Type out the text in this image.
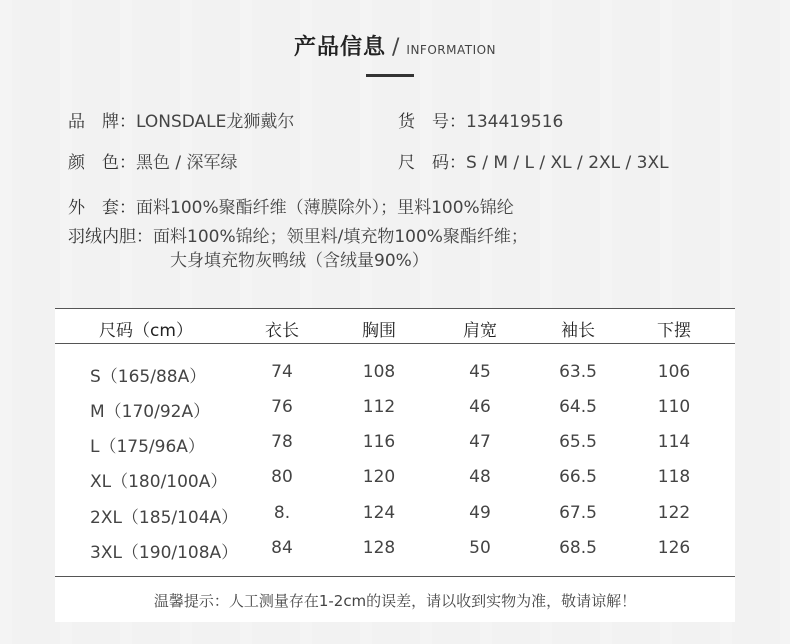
产品信息 / INFORMATION
品　牌：LONSDALE龙狮戴尔	货　号：134419516
颜　色：黑色 / 深军绿	尺　码：S / M / L / XL / 2XL / 3XL
外　套：面料100%聚酯纤维（薄膜除外）；里料100%锦纶
羽绒内胆：面料100%锦纶；领里料/填充物100%聚酯纤维；
大身填充物灰鸭绒（含绒量90%）
尺码（cm）	衣长	胸围	肩宽	袖长	下摆
S（165/88A）	74	108	45	63.5	106
M（170/92A）	76	112	46	64.5	110
L（175/96A）	78	116	47	65.5	114
XL（180/100A）	80	120	48	66.5	118
2XL（185/104A） 8.	124	49	67.5	122
3XL（190/108A） 84	128	50	68.5	126
温馨提示：人工测量存在1-2cm的误差，请以收到实物为准，敬请谅解！
